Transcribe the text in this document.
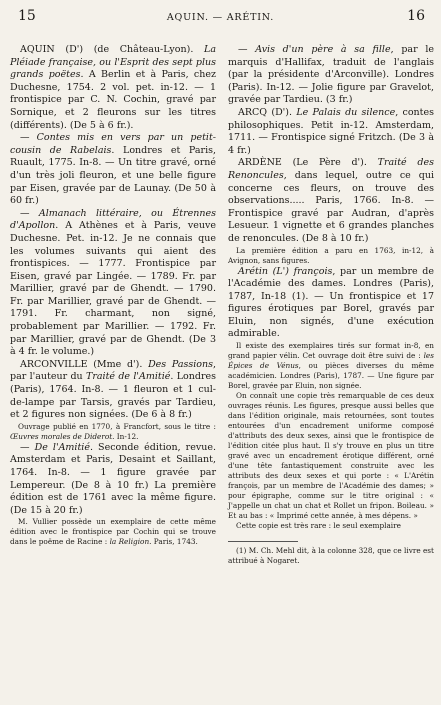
15	AQUIN. — ARÉTIN.	16

AQUIN (D') (de Château-Lyon). La Pléiade française, ou l'Esprit des sept plus grands poëtes. A Berlin et à Paris, chez Duchesne, 1754. 2 vol. pet. in-12. — 1 frontispice par C. N. Cochin, gravé par Sornique, et 2 fleurons sur les titres (différents). (De 5 à 6 fr.).

— Contes mis en vers par un petit-cousin de Rabelais. Londres et Paris, Ruault, 1775. In-8. — Un titre gravé, orné d'un très joli fleuron, et une belle figure par Eisen, gravée par de Launay. (De 50 à 60 fr.)

— Almanach littéraire, ou Étrennes d'Apollon. A Athènes et à Paris, veuve Duchesne. Pet. in-12. Je ne connais que les volumes suivants qui aient des frontispices. — 1777. Frontispice par Eisen, gravé par Lingée. — 1789. Fr. par Marillier, gravé par de Ghendt. — 1790. Fr. par Marillier, gravé par de Ghendt. — 1791. Fr. charmant, non signé, probablement par Marillier. — 1792. Fr. par Marillier, gravé par de Ghendt. (De 3 à 4 fr. le volume.)

ARCONVILLE (Mme d'). Des Passions, par l'auteur du Traité de l'Amitié. Londres (Paris), 1764. In-8. — 1 fleuron et 1 cul-de-lampe par Tarsis, gravés par Tardieu, et 2 figures non signées. (De 6 à 8 fr.)

Ouvrage publié en 1770, à Francfort, sous le titre : Œuvres morales de Diderot. In-12.

— De l'Amitié. Seconde édition, revue. Amsterdam et Paris, Desaint et Saillant, 1764. In-8. — 1 figure gravée par Lempereur. (De 8 à 10 fr.) La première édition est de 1761 avec la même figure. (De 15 à 20 fr.)

M. Vullier possède un exemplaire de cette même édition avec le frontispice par Cochin qui se trouve dans le poëme de Racine : la Religion. Paris, 1743.

— Avis d'un père à sa fille, par le marquis d'Hallifax, traduit de l'anglais (par la présidente d'Arconville). Londres (Paris). In-12. — Jolie figure par Gravelot, gravée par Tardieu. (3 fr.)

ARCQ (D'). Le Palais du silence, contes philosophiques. Petit in-12. Amsterdam, 1711. — Frontispice signé Fritzch. (De 3 à 4 fr.)

ARDÈNE (Le Père d'). Traité des Renoncules, dans lequel, outre ce qui concerne ces fleurs, on trouve des observations..... Paris, 1766. In-8. — Frontispice gravé par Audran, d'après Lesueur. 1 vignette et 6 grandes planches de renoncules. (De 8 à 10 fr.)

La première édition a paru en 1763, in-12, à Avignon, sans figures.

Arétin (L') françois, par un membre de l'Académie des dames. Londres (Paris), 1787, In-18 (1). — Un frontispice et 17 figures érotiques par Borel, gravés par Eluin, non signés, d'une exécution admirable.

Il existe des exemplaires tirés sur format in-8, en grand papier vélin. Cet ouvrage doit être suivi de : les Épices de Vénus, ou pièces diverses du même académicien. Londres (Paris), 1787. — Une figure par Borel, gravée par Eluin, non signée.

On connaît une copie très remarquable de ces deux ouvrages réunis. Les figures, presque aussi belles que dans l'édition originale, mais retournées, sont toutes entourées d'un encadrement uniforme composé d'attributs des deux sexes, ainsi que le frontispice de l'édition citée plus haut. Il s'y trouve en plus un titre gravé avec un encadrement érotique différent, orné d'une tête fantastiquement construite avec les attributs des deux sexes et qui porte : « L'Arétin françois, par un membre de l'Académie des dames; » pour épigraphe, comme sur le titre original : « J'appelle un chat un chat et Rollet un fripon. Boileau. » Et au bas : « Imprimé cette année, à mes dépens. »

Cette copie est très rare : le seul exemplaire

(1) M. Ch. Mehl dit, à la colonne 328, que ce livre est attribué à Nogaret.
